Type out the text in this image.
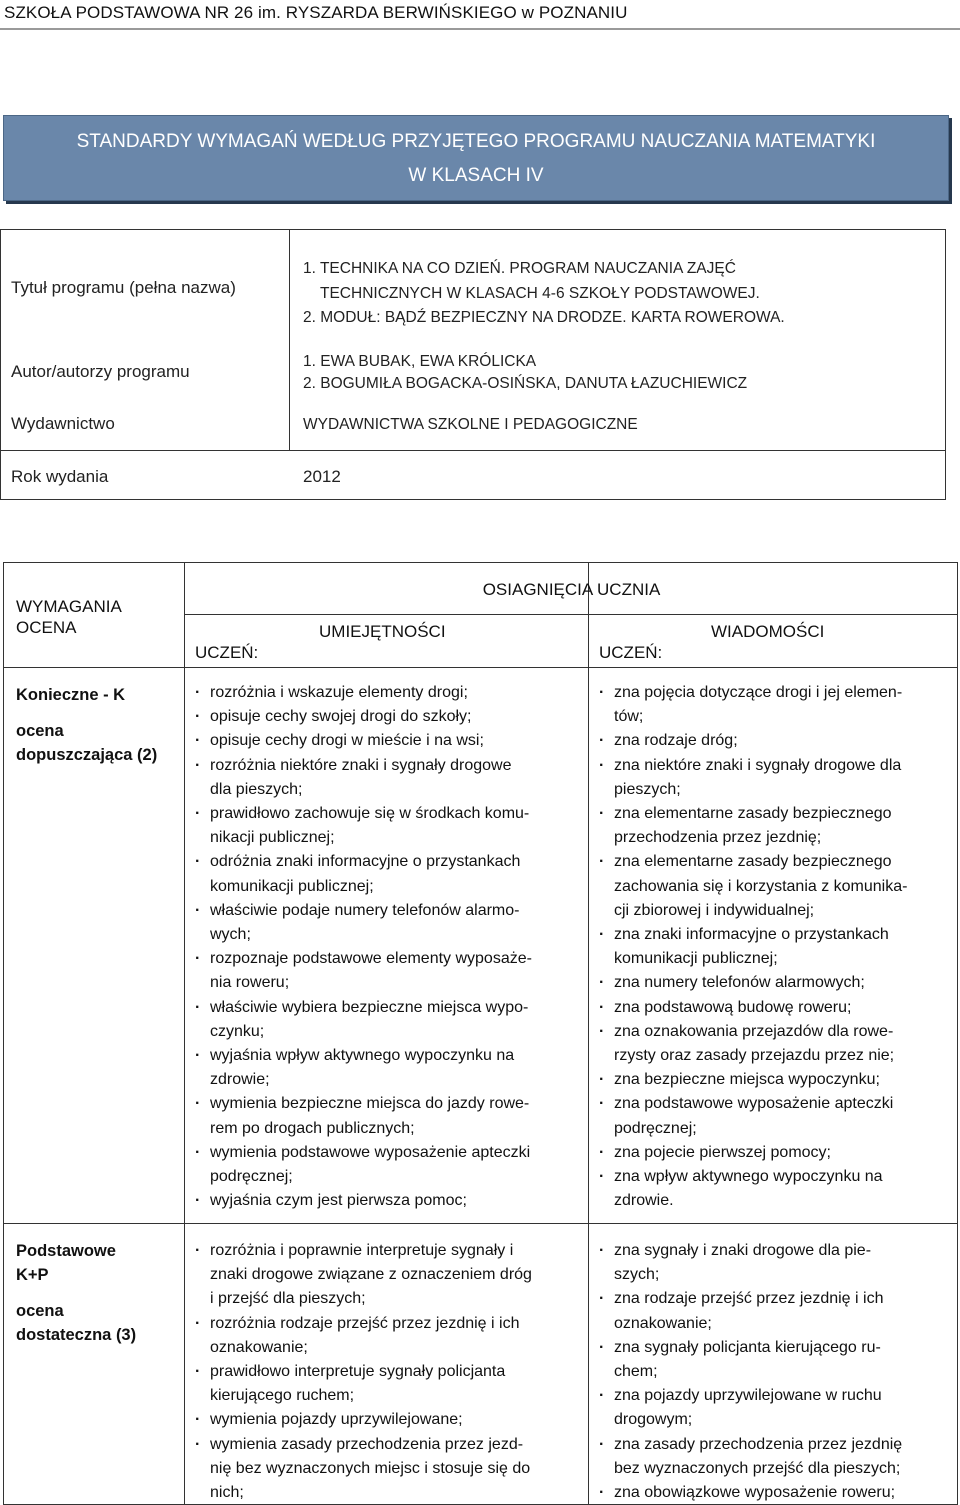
SZKOŁA PODSTAWOWA NR 26 im. RYSZARDA BERWIŃSKIEGO w POZNANIU
STANDARDY WYMAGAŃ WEDŁUG PRZYJĘTEGO PROGRAMU NAUCZANIA MATEMATYKI
W KLASACH IV
Tytuł programu (pełna nazwa)
1. TECHNIKA NA CO DZIEŃ. PROGRAM NAUCZANIA ZAJĘĆ
TECHNICZNYCH W KLASACH 4-6 SZKOŁY PODSTAWOWEJ.
2. MODUŁ: BĄDŹ BEZPIECZNY NA DRODZE. KARTA ROWEROWA.
Autor/autorzy programu
1. EWA BUBAK, EWA KRÓLICKA
2. BOGUMIŁA BOGACKA-OSIŃSKA, DANUTA ŁAZUCHIEWICZ
Wydawnictwo	WYDAWNICTWA SZKOLNE I PEDAGOGICZNE
Rok wydania	2012
WYMAGANIA
OCENA
OSIAGNIĘCIA UCZNIA
UMIEJĘTNOŚCI
UCZEŃ:
WIADOMOŚCI
UCZEŃ:
Konieczne - K
ocena
dopuszczająca (2)
· rozróżnia i wskazuje elementy drogi;
· opisuje cechy swojej drogi do szkoły;
· opisuje cechy drogi w mieście i na wsi;
· rozróżnia niektóre znaki i sygnały drogowe
dla pieszych;
· prawidłowo zachowuje się w środkach komu-
nikacji publicznej;
· odróżnia znaki informacyjne o przystankach
komunikacji publicznej;
· właściwie podaje numery telefonów alarmo-
wych;
· rozpoznaje podstawowe elementy wyposaże-
nia roweru;
· właściwie wybiera bezpieczne miejsca wypo-
czynku;
· wyjaśnia wpływ aktywnego wypoczynku na
zdrowie;
· wymienia bezpieczne miejsca do jazdy rowe-
rem po drogach publicznych;
· wymienia podstawowe wyposażenie apteczki
podręcznej;
· wyjaśnia czym jest pierwsza pomoc;
· zna pojęcia dotyczące drogi i jej elemen-
tów;
· zna rodzaje dróg;
· zna niektóre znaki i sygnały drogowe dla
pieszych;
· zna elementarne zasady bezpiecznego
przechodzenia przez jezdnię;
· zna elementarne zasady bezpiecznego
zachowania się i korzystania z komunika-
cji zbiorowej i indywidualnej;
· zna znaki informacyjne o przystankach
komunikacji publicznej;
· zna numery telefonów alarmowych;
· zna podstawową budowę roweru;
· zna oznakowania przejazdów dla rowe-
rzysty oraz zasady przejazdu przez nie;
· zna bezpieczne miejsca wypoczynku;
· zna podstawowe wyposażenie apteczki
podręcznej;
· zna pojecie pierwszej pomocy;
· zna wpływ aktywnego wypoczynku na
zdrowie.
Podstawowe
K+P
ocena
dostateczna (3)
· rozróżnia i poprawnie interpretuje sygnały i
znaki drogowe związane z oznaczeniem dróg
i przejść dla pieszych;
· rozróżnia rodzaje przejść przez jezdnię i ich
oznakowanie;
· prawidłowo interpretuje sygnały policjanta
kierującego ruchem;
· wymienia pojazdy uprzywilejowane;
· wymienia zasady przechodzenia przez jezd-
nię bez wyznaczonych miejsc i stosuje się do
nich;
· zna sygnały i znaki drogowe dla pie-
szych;
· zna rodzaje przejść przez jezdnię i ich
oznakowanie;
· zna sygnały policjanta kierującego ru-
chem;
· zna pojazdy uprzywilejowane w ruchu
drogowym;
· zna zasady przechodzenia przez jezdnię
bez wyznaczonych przejść dla pieszych;
· zna obowiązkowe wyposażenie roweru;
